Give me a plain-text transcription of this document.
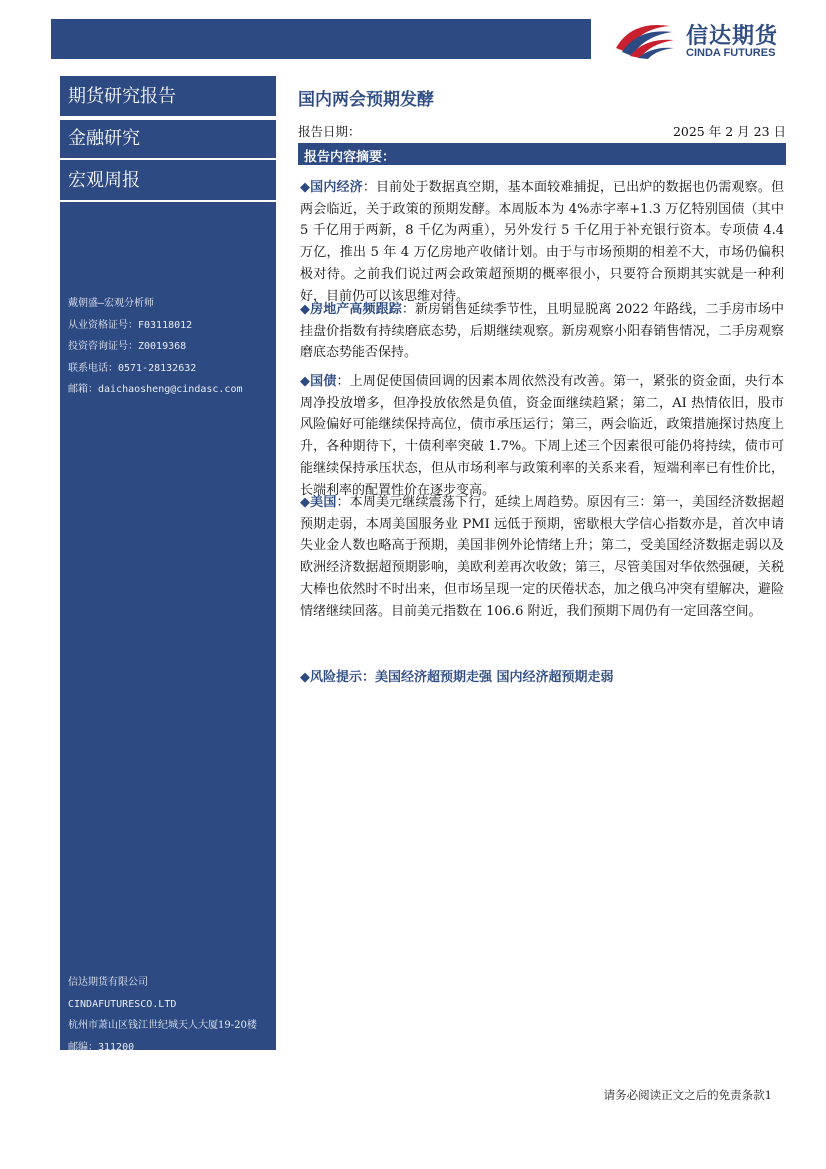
信达期货
CINDA FUTURES
期货研究报告
金融研究
宏观周报
戴朝盛—宏观分析师
从业资格证号：F03118012
投资咨询证号：Z0019368
联系电话：0571-28132632
邮箱：daichaosheng@cindasc.com
信达期货有限公司
CINDAFUTURESCO.LTD
杭州市萧山区钱江世纪城天人大厦19-20楼
邮编：311200
国内两会预期发酵
报告日期：	2025 年 2 月 23 日
报告内容摘要：
◆国内经济：目前处于数据真空期，基本面较难捕捉，已出炉的数据也仍需观察。但两会临近，关于政策的预期发酵。本周版本为 4%赤字率+1.3 万亿特别国债（其中 5 千亿用于两新，8 千亿为两重），另外发行 5 千亿用于补充银行资本。专项债 4.4 万亿，推出 5 年 4 万亿房地产收储计划。由于与市场预期的相差不大，市场仍偏积极对待。之前我们说过两会政策超预期的概率很小，只要符合预期其实就是一种利好，目前仍可以该思维对待。
◆房地产高频跟踪：新房销售延续季节性，且明显脱离 2022 年路线，二手房市场中挂盘价指数有持续磨底态势，后期继续观察。新房观察小阳春销售情况，二手房观察磨底态势能否保持。
◆国债：上周促使国债回调的因素本周依然没有改善。第一，紧张的资金面，央行本周净投放增多，但净投放依然是负值，资金面继续趋紧；第二，AI 热情依旧，股市风险偏好可能继续保持高位，债市承压运行；第三，两会临近，政策措施探讨热度上升，各种期待下，十债利率突破 1.7%。下周上述三个因素很可能仍将持续，债市可能继续保持承压状态，但从市场利率与政策利率的关系来看，短端利率已有性价比，长端利率的配置性价在逐步变高。
◆美国：本周美元继续震荡下行，延续上周趋势。原因有三：第一，美国经济数据超预期走弱，本周美国服务业 PMI 远低于预期，密歇根大学信心指数亦是，首次申请失业金人数也略高于预期，美国非例外论情绪上升；第二，受美国经济数据走弱以及欧洲经济数据超预期影响，美欧利差再次收敛；第三，尽管美国对华依然强硬，关税大棒也依然时不时出来，但市场呈现一定的厌倦状态，加之俄乌冲突有望解决，避险情绪继续回落。目前美元指数在 106.6 附近，我们预期下周仍有一定回落空间。
◆风险提示：美国经济超预期走强 国内经济超预期走弱
请务必阅读正文之后的免责条款1
